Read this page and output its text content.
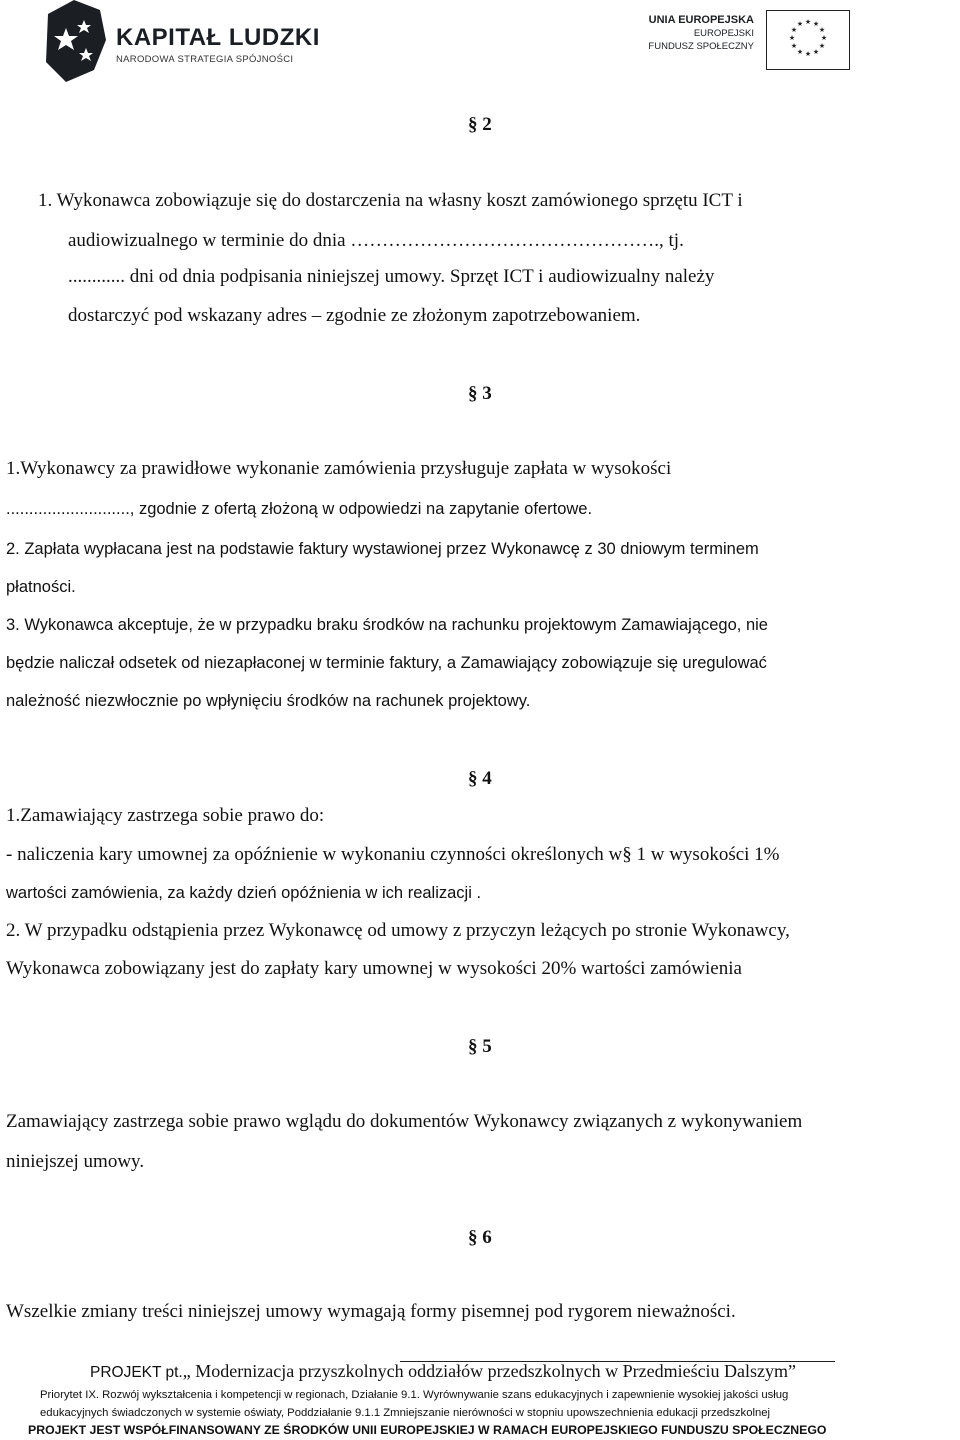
KAPITAŁ LUDZKI
NARODOWA STRATEGIA SPÓJNOŚCI
UNIA EUROPEJSKA
EUROPEJSKI
FUNDUSZ SPOŁECZNY
★ ★
★
★
★
★
★
★
★
★
★
★
§ 2
1. Wykonawca zobowiązuje się do dostarczenia na własny koszt zamówionego sprzętu ICT i
audiowizualnego w terminie do dnia …………………………………………., tj.
............ dni od dnia podpisania niniejszej umowy. Sprzęt ICT i audiowizualny należy
dostarczyć pod wskazany adres – zgodnie ze złożonym zapotrzebowaniem.
§ 3
1.Wykonawcy za prawidłowe wykonanie zamówienia przysługuje zapłata w wysokości
..........................., zgodnie z ofertą złożoną w odpowiedzi na zapytanie ofertowe.
2. Zapłata wypłacana jest na podstawie faktury wystawionej przez Wykonawcę z 30 dniowym terminem
płatności.
3. Wykonawca akceptuje, że w przypadku braku środków na rachunku projektowym Zamawiającego, nie
będzie naliczał odsetek od niezapłaconej w terminie faktury, a Zamawiający zobowiązuje się uregulować
należność niezwłocznie po wpłynięciu środków na rachunek projektowy.
§ 4
1.Zamawiający zastrzega sobie prawo do:
- naliczenia kary umownej za opóźnienie w wykonaniu czynności określonych w§ 1 w wysokości 1%
wartości zamówienia, za każdy dzień opóźnienia w ich realizacji .
2. W przypadku odstąpienia przez Wykonawcę od umowy z przyczyn leżących po stronie Wykonawcy,
Wykonawca zobowiązany jest do zapłaty kary umownej w wysokości 20% wartości zamówienia
§ 5
Zamawiający zastrzega sobie prawo wglądu do dokumentów Wykonawcy związanych z wykonywaniem
niniejszej umowy.
§ 6
Wszelkie zmiany treści niniejszej umowy wymagają formy pisemnej pod rygorem nieważności.
PROJEKT pt.„ Modernizacja przyszkolnych oddziałów przedszkolnych w Przedmieściu Dalszym”
Priorytet IX. Rozwój wykształcenia i kompetencji w regionach, Działanie 9.1. Wyrównywanie szans edukacyjnych i zapewnienie wysokiej jakości usług
edukacyjnych świadczonych w systemie oświaty, Poddziałanie 9.1.1 Zmniejszanie nierówności w stopniu upowszechnienia edukacji przedszkolnej
PROJEKT JEST WSPÓŁFINANSOWANY ZE ŚRODKÓW UNII EUROPEJSKIEJ W RAMACH EUROPEJSKIEGO FUNDUSZU SPOŁECZNEGO
